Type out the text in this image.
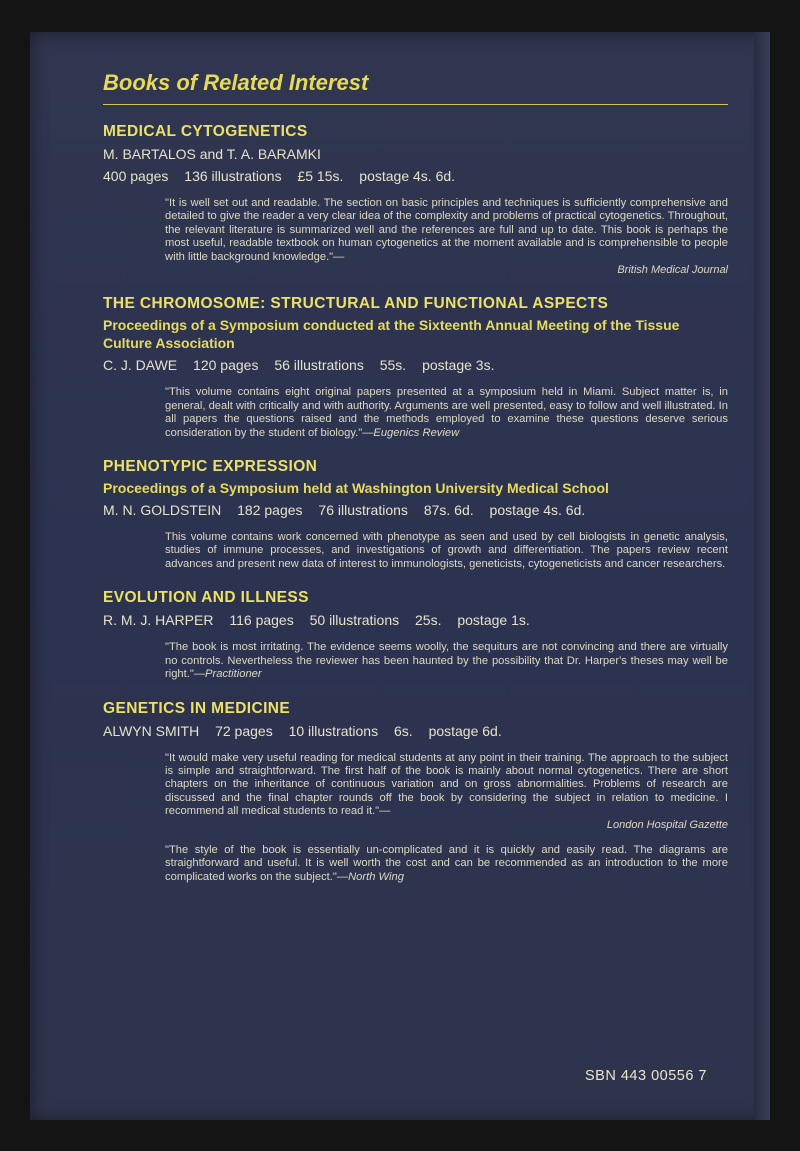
Books of Related Interest

MEDICAL CYTOGENETICS

M. BARTALOS and T. A. BARAMKI

400 pages 136 illustrations £5 15s. postage 4s. 6d.

"It is well set out and readable. The section on basic principles and techniques is sufficiently comprehensive and detailed to give the reader a very clear idea of the complexity and problems of practical cytogenetics. Throughout, the relevant literature is summarized well and the references are full and up to date. This book is perhaps the most useful, readable textbook on human cytogenetics at the moment available and is comprehensible to people with little background knowledge."—
British Medical Journal

THE CHROMOSOME: STRUCTURAL AND FUNCTIONAL ASPECTS

Proceedings of a Symposium conducted at the Sixteenth Annual Meeting of the Tissue Culture Association

C. J. DAWE 120 pages 56 illustrations 55s. postage 3s.

"This volume contains eight original papers presented at a symposium held in Miami. Subject matter is, in general, dealt with critically and with authority. Arguments are well presented, easy to follow and well illustrated. In all papers the questions raised and the methods employed to examine these questions deserve serious consideration by the student of biology."—Eugenics Review

PHENOTYPIC EXPRESSION

Proceedings of a Symposium held at Washington University Medical School

M. N. GOLDSTEIN 182 pages 76 illustrations 87s. 6d. postage 4s. 6d.

This volume contains work concerned with phenotype as seen and used by cell biologists in genetic analysis, studies of immune processes, and investigations of growth and differentiation. The papers review recent advances and present new data of interest to immunologists, geneticists, cytogeneticists and cancer researchers.

EVOLUTION AND ILLNESS

R. M. J. HARPER 116 pages 50 illustrations 25s. postage 1s.

"The book is most irritating. The evidence seems woolly, the sequiturs are not convincing and there are virtually no controls. Nevertheless the reviewer has been haunted by the possibility that Dr. Harper's theses may well be right."—Practitioner

GENETICS IN MEDICINE

ALWYN SMITH 72 pages 10 illustrations 6s. postage 6d.

"It would make very useful reading for medical students at any point in their training. The approach to the subject is simple and straightforward. The first half of the book is mainly about normal cytogenetics. There are short chapters on the inheritance of continuous variation and on gross abnormalities. Problems of research are discussed and the final chapter rounds off the book by considering the subject in relation to medicine. I recommend all medical students to read it."—
London Hospital Gazette

"The style of the book is essentially un-complicated and it is quickly and easily read. The diagrams are straightforward and useful. It is well worth the cost and can be recommended as an introduction to the more complicated works on the subject."—North Wing

SBN 443 00556 7
